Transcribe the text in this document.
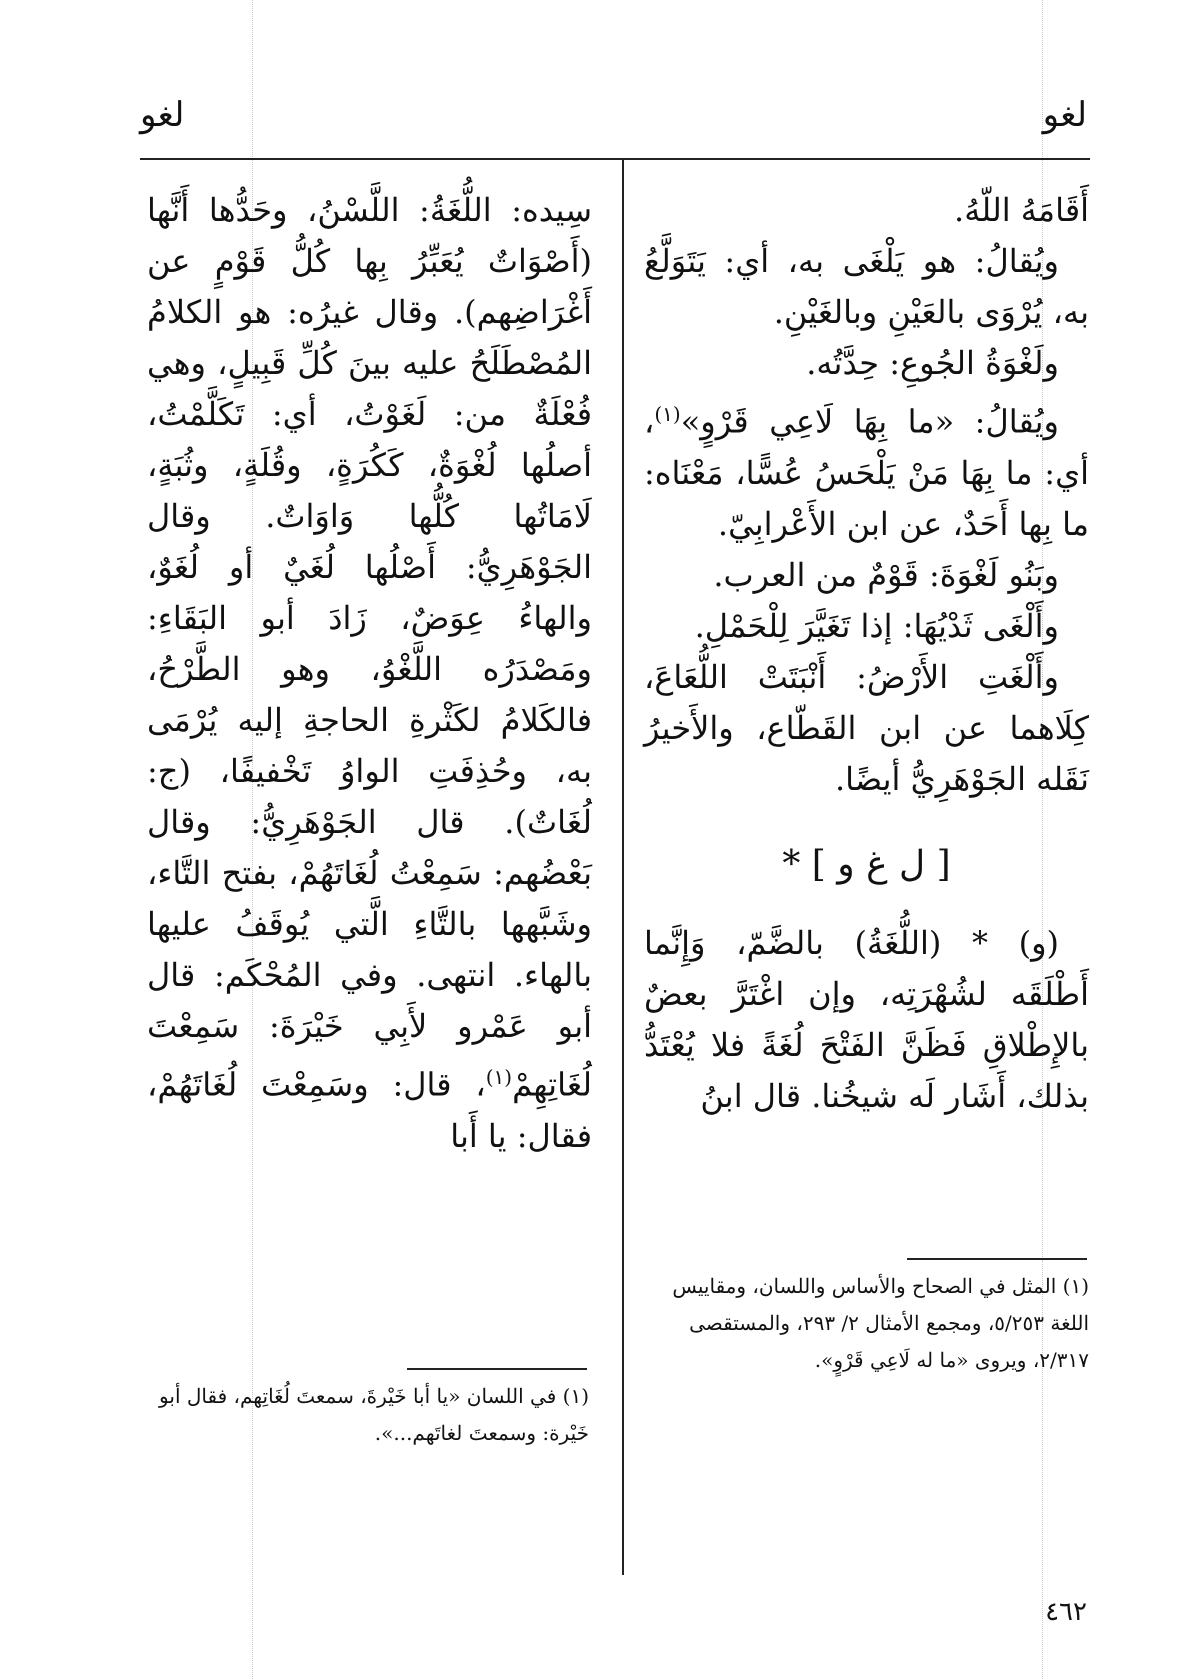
لغو
لغو

أَقَامَهُ اللّهُ.

ويُقالُ: هو يَلْغَى به، أي: يَتَوَلَّعُ به، يُرْوَى بالعَيْنِ وبالغَيْنِ.

ولَغْوَةُ الجُوعِ: حِدَّتُه.

ويُقالُ: «ما بِهَا لَاعِي قَرْوٍ»$^{(١)}$، أي: ما بِهَا مَنْ يَلْحَسُ عُسًّا، مَعْنَاه: ما بِها أَحَدٌ، عن ابن الأَعْرابِيّ.

وبَنُو لَغْوَةَ: قَوْمٌ من العرب.

وأَلْغَى ثَدْيُهَا: إذا تَغَيَّرَ لِلْحَمْلِ.

وأَلْغَتِ الأَرْضُ: أَنْبَتَتْ اللُّعَاعَ، كِلَاهما عن ابن القَطّاع، والأَخيرُ نَقَله الجَوْهَرِيُّ أيضًا.

[ ل غ و ] *

(و) * (اللُّغَةُ) بالضَّمّ، وَإِنَّما أَطْلَقَه لشُهْرَتِه، وإن اغْتَرَّ بعضٌ بالإِطْلاقِ فَظَنَّ الفَتْحَ لُغَةً فلا يُعْتَدُّ بذلك، أَشَار لَه شيخُنا. قال ابنُ

سِيده: اللُّغَةُ: اللَّسْنُ، وحَدُّها أَنَّها (أَصْوَاتٌ يُعَبِّرُ بِها كُلُّ قَوْمٍ عن أَغْرَاضِهم). وقال غيرُه: هو الكلامُ المُصْطَلَحُ عليه بينَ كُلِّ قَبِيلٍ، وهي فُعْلَةٌ من: لَغَوْتُ، أي: تَكَلَّمْتُ، أصلُها لُغْوَةٌ، كَكُرَةٍ، وقُلَةٍ، وثُبَةٍ، لَامَاتُها كُلُّها وَاوَاتٌ. وقال الجَوْهَرِيُّ: أَصْلُها لُغَيٌ أو لُغَوٌ، والهاءُ عِوَضٌ، زَادَ أبو البَقَاءِ: ومَصْدَرُه اللَّغْوُ، وهو الطَّرْحُ، فالكَلامُ لكَثْرةِ الحاجةِ إليه يُرْمَى به، وحُذِفَتِ الواوُ تَخْفيفًا، (ج: لُغَاتٌ). قال الجَوْهَرِيُّ: وقال بَعْضُهم: سَمِعْتُ لُغَاتَهُمْ، بفتح التَّاء، وشَبَّهها بالتَّاءِ الَّتي يُوقَفُ عليها بالهاء. انتهى. وفي المُحْكَم: قال أبو عَمْرو لأَبِي خَيْرَةَ: سَمِعْتَ لُغَاتِهِمْ$^{(١)}$، قال: وسَمِعْتَ لُغَاتَهُمْ، فقال: يا أَبا

(١) المثل في الصحاح والأساس واللسان، ومقاييس اللغة ٥/٢٥٣، ومجمع الأمثال ٢/ ٢٩٣، والمستقصى ٢/٣١٧، ويروى «ما له لَاعِي قَرْوٍ».
(١) في اللسان «يا أبا خَيْرةَ، سمعتَ لُغَاتِهم، فقال أبو خَيْرة: وسمعتَ لغاتَهم...».
٤٦٢
